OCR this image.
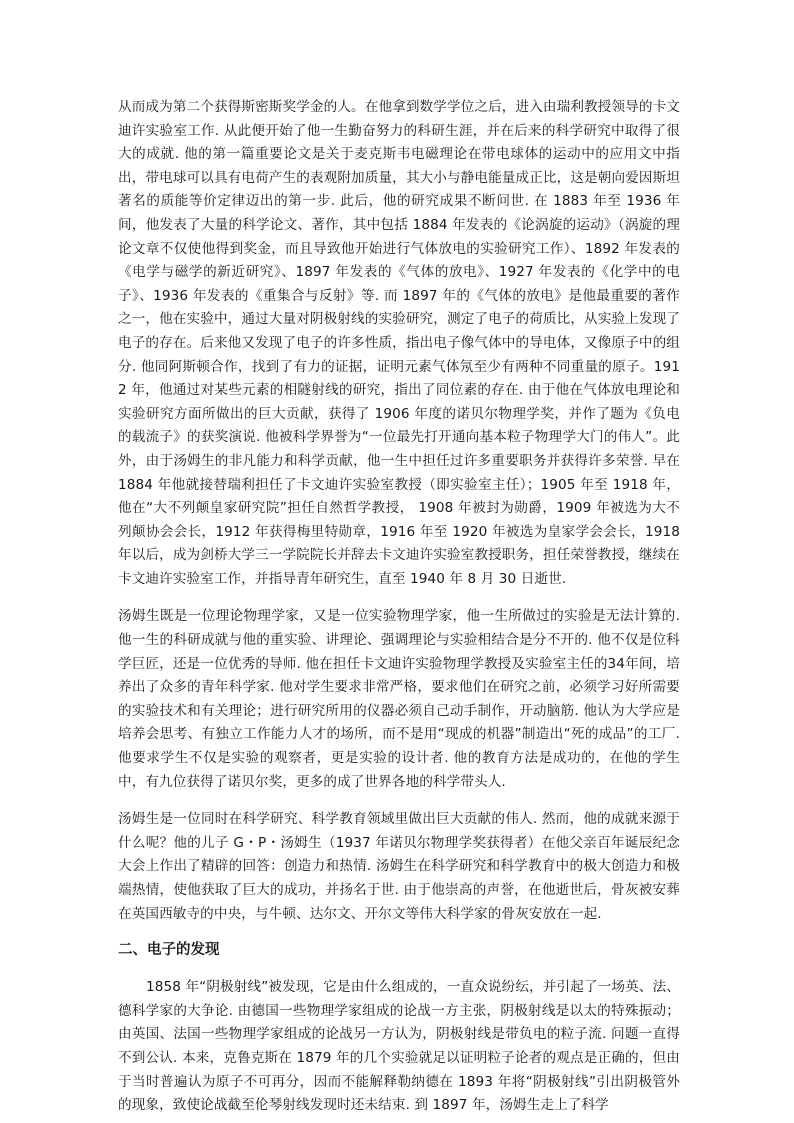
从而成为第二个获得斯密斯奖学金的人。在他拿到数学学位之后，进入由瑞利教授领导的卡文迪许实验室工作. 从此便开始了他一生勤奋努力的科研生涯，并在后来的科学研究中取得了很大的成就. 他的第一篇重要论文是关于麦克斯韦电磁理论在带电球体的运动中的应用文中指出，带电球可以具有电荷产生的表观附加质量，其大小与静电能量成正比，这是朝向爱因斯坦著名的质能等价定律迈出的第一步. 此后，他的研究成果不断问世. 在 1883 年至 1936 年间，他发表了大量的科学论文、著作，其中包括 1884 年发表的《论涡旋的运动》（涡旋的理论文章不仅使他得到奖金，而且导致他开始进行气体放电的实验研究工作）、1892 年发表的《电学与磁学的新近研究》、1897 年发表的《气体的放电》、1927 年发表的《化学中的电子》、1936 年发表的《重集合与反射》等. 而 1897 年的《气体的放电》是他最重要的著作之一，他在实验中，通过大量对阴极射线的实验研究，测定了电子的荷质比，从实验上发现了电子的存在。后来他又发现了电子的许多性质，指出电子像气体中的导电体，又像原子中的组分. 他同阿斯顿合作，找到了有力的证据，证明元素气体氖至少有两种不同重量的原子。1912 年，他通过对某些元素的相隧射线的研究，指出了同位素的存在. 由于他在气体放电理论和实验研究方面所做出的巨大贡献，获得了 1906 年度的诺贝尔物理学奖，并作了题为《负电的载流子》的获奖演说. 他被科学界誉为“一位最先打开通向基本粒子物理学大门的伟人”。此外，由于汤姆生的非凡能力和科学贡献，他一生中担任过许多重要职务并获得许多荣誉. 早在 1884 年他就接替瑞利担任了卡文迪许实验室教授（即实验室主任）；1905 年至 1918 年，他在“大不列颠皇家研究院”担任自然哲学教授， 1908 年被封为勋爵，1909 年被选为大不列颠协会会长，1912 年获得梅里特勋章，1916 年至 1920 年被选为皇家学会会长，1918 年以后，成为剑桥大学三一学院院长并辞去卡文迪许实验室教授职务，担任荣誉教授，继续在卡文迪许实验室工作，并指导青年研究生，直至 1940 年 8 月 30 日逝世.

汤姆生既是一位理论物理学家，又是一位实验物理学家，他一生所做过的实验是无法计算的. 他一生的科研成就与他的重实验、讲理论、强调理论与实验相结合是分不开的. 他不仅是位科学巨匠，还是一位优秀的导师. 他在担任卡文迪许实验物理学教授及实验室主任的34年间，培养出了众多的青年科学家. 他对学生要求非常严格，要求他们在研究之前，必须学习好所需要的实验技术和有关理论；进行研究所用的仪器必须自己动手制作，开动脑筋. 他认为大学应是培养会思考、有独立工作能力人才的场所，而不是用“现成的机器”制造出“死的成品”的工厂. 他要求学生不仅是实验的观察者，更是实验的设计者. 他的教育方法是成功的，在他的学生中，有九位获得了诺贝尔奖，更多的成了世界各地的科学带头人.

汤姆生是一位同时在科学研究、科学教育领域里做出巨大贡献的伟人. 然而，他的成就来源于什么呢？他的儿子 G・P・汤姆生（1937 年诺贝尔物理学奖获得者）在他父亲百年诞辰纪念大会上作出了精辟的回答：创造力和热情. 汤姆生在科学研究和科学教育中的极大创造力和极端热情，使他获取了巨大的成功，并扬名于世. 由于他崇高的声誉，在他逝世后，骨灰被安葬在英国西敏寺的中央，与牛顿、达尔文、开尔文等伟大科学家的骨灰安放在一起.

二、电子的发现

1858 年“阴极射线”被发现，它是由什么组成的，一直众说纷纭，并引起了一场英、法、德科学家的大争论. 由德国一些物理学家组成的论战一方主张，阴极射线是以太的特殊振动；由英国、法国一些物理学家组成的论战另一方认为，阴极射线是带负电的粒子流. 问题一直得不到公认. 本来，克鲁克斯在 1879 年的几个实验就足以证明粒子论者的观点是正确的，但由于当时普遍认为原子不可再分，因而不能解释勒纳德在 1893 年将“阴极射线”引出阴极管外的现象，致使论战截至伦琴射线发现时还未结束. 到 1897 年，汤姆生走上了科学
